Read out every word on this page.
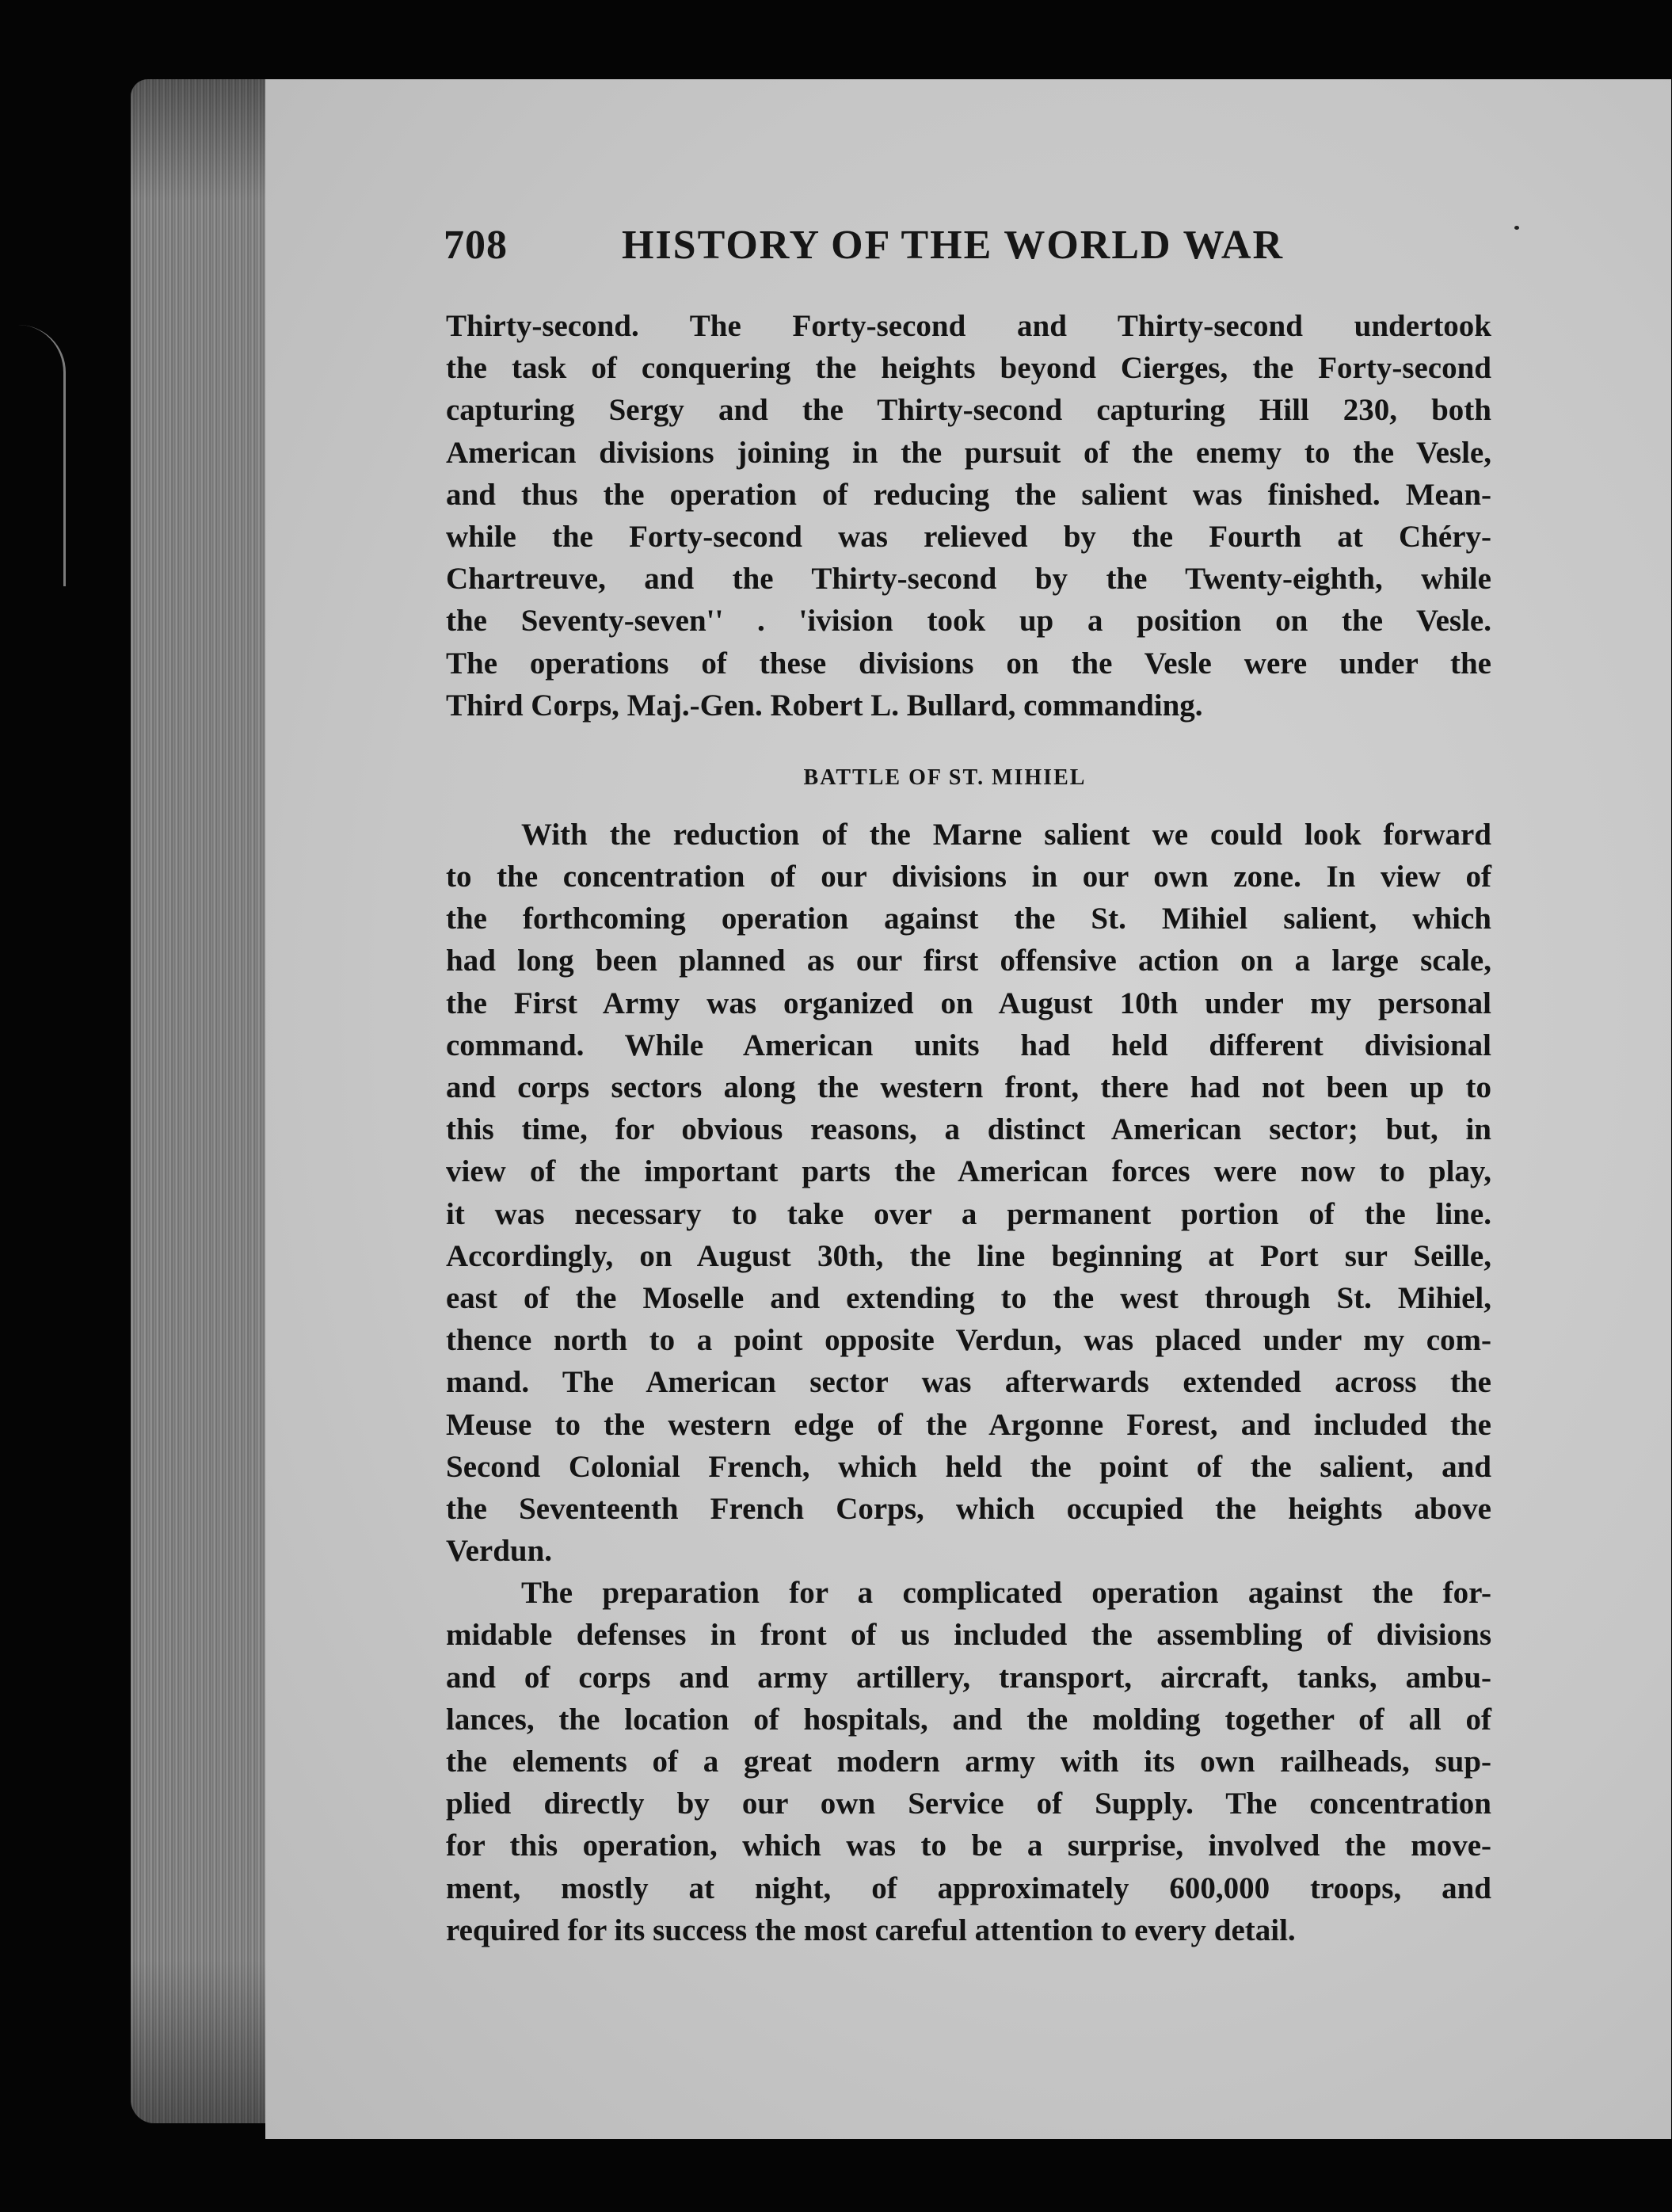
708	HISTORY OF THE WORLD WAR
Thirty-second. The Forty-second and Thirty-second undertook
the task of conquering the heights beyond Cierges, the Forty-second
capturing Sergy and the Thirty-second capturing Hill 230, both
American divisions joining in the pursuit of the enemy to the Vesle,
and thus the operation of reducing the salient was finished. Mean-
while the Forty-second was relieved by the Fourth at Chéry-
Chartreuve, and the Thirty-second by the Twenty-eighth, while
the Seventy-seven'' . 'ivision took up a position on the Vesle.
The operations of these divisions on the Vesle were under the
Third Corps, Maj.-Gen. Robert L. Bullard, commanding.
BATTLE OF ST. MIHIEL
With the reduction of the Marne salient we could look forward
to the concentration of our divisions in our own zone. In view of
the forthcoming operation against the St. Mihiel salient, which
had long been planned as our first offensive action on a large scale,
the First Army was organized on August 10th under my personal
command. While American units had held different divisional
and corps sectors along the western front, there had not been up to
this time, for obvious reasons, a distinct American sector; but, in
view of the important parts the American forces were now to play,
it was necessary to take over a permanent portion of the line.
Accordingly, on August 30th, the line beginning at Port sur Seille,
east of the Moselle and extending to the west through St. Mihiel,
thence north to a point opposite Verdun, was placed under my com-
mand. The American sector was afterwards extended across the
Meuse to the western edge of the Argonne Forest, and included the
Second Colonial French, which held the point of the salient, and
the Seventeenth French Corps, which occupied the heights above
Verdun.
The preparation for a complicated operation against the for-
midable defenses in front of us included the assembling of divisions
and of corps and army artillery, transport, aircraft, tanks, ambu-
lances, the location of hospitals, and the molding together of all of
the elements of a great modern army with its own railheads, sup-
plied directly by our own Service of Supply. The concentration
for this operation, which was to be a surprise, involved the move-
ment, mostly at night, of approximately 600,000 troops, and
required for its success the most careful attention to every detail.
